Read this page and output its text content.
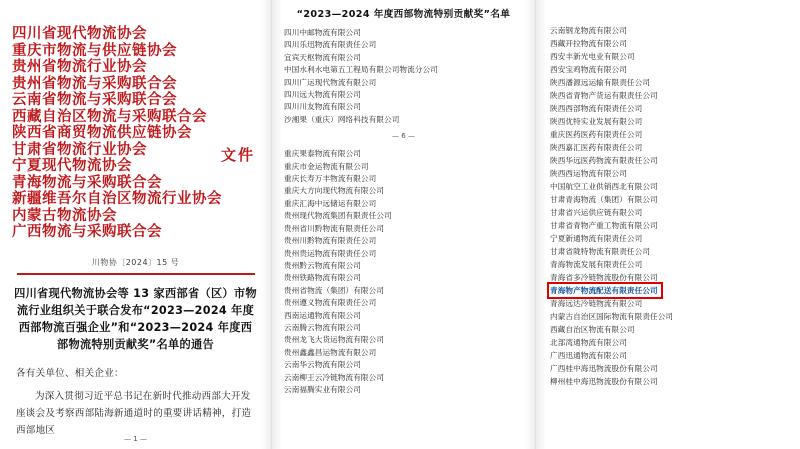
四川省现代物流协会
重庆市物流与供应链协会
贵州省物流行业协会
贵州省物流与采购联合会
云南省物流与采购联合会
西藏自治区物流与采购联合会
陕西省商贸物流供应链协会
甘肃省物流行业协会
宁夏现代物流协会
青海物流与采购联合会
新疆维吾尔自治区物流行业协会
内蒙古物流协会
广西物流与采购联合会
文件
川物协〔2024〕15 号
四川省现代物流协会等 13 家西部省（区）市物流行业组织关于联合发布“2023—2024 年度西部物流百强企业”和“2023—2024 年度西部物流特别贡献奖”名单的通告

各有关单位、相关企业：

为深入贯彻习近平总书记在新时代推动西部大开发座谈会及考察西部陆海新通道时的重要讲话精神，打造西部地区

— 1 —
“2023—2024 年度西部物流特别贡献奖”名单
四川中邮物流有限公司
四川乐迅物流有限责任公司
宜宾天枢物流有限公司
中国水利水电第五工程局有限公司物流分公司
四川广运现代物流有限公司
四川远大物流有限公司
四川川友物流有限公司
沙湘果（重庆）网络科技有限公司
— 6 —
重庆果泰物流有限公司
重庆市金运物流有限公司
重庆长寿万丰物流有限公司
重庆大方向现代物流有限公司
重庆汇海中远储运有限公司
贵州现代物流集团有限责任公司
贵州省川黔物流有限责任公司
贵州川黔物流有限责任公司
贵州贵运物流有限责任公司
贵州黔云物流有限公司
贵州铁路物流有限公司
贵州省物流（集团）有限公司
贵州遵义物流有限责任公司
西南运通物流有限公司
云南腾云物流有限公司
贵州龙飞大货运物流有限公司
贵州鑫鑫昌运物流有限公司
云南华云物流有限公司
云南柳王云冷链物流有限公司
云南福腾实业有限公司
云南钢龙物流有限公司
西藏开拉物流有限公司
西安丰新光电业有限公司
西安宝鸡物流有限公司
陕西潘源远运输有限责任公司
陕西省青物产货运有限责任公司
陕西西部物流有限责任公司
陕西优特实业发展有限公司
重庆医药医药有限责任公司
陕西嘉汇医药有限责任公司
陕西华远医药物流有限责任公司
陕西西运物流有限公司
中国航空工业供销西北有限公司
甘肃青海物流（集团）有限公司
甘肃省兴运供应链有限公司
甘肃省青物产重工物流有限公司
宁夏新通物流有限责任公司
甘肃省陇特物流有限责任公司
青海物流发展有限责任公司
青海省多冷链物流股份有限公司
青海物产物流配送有限责任公司
青海远达冷链物流有限公司
内蒙古自治区国际物流有限责任公司
西藏自治区物流有限公司
北部湾通物流有限公司
广西迅通物流有限公司
广西桂中海迅物流股份有限公司
柳州桂中海迅物流股份有限公司
